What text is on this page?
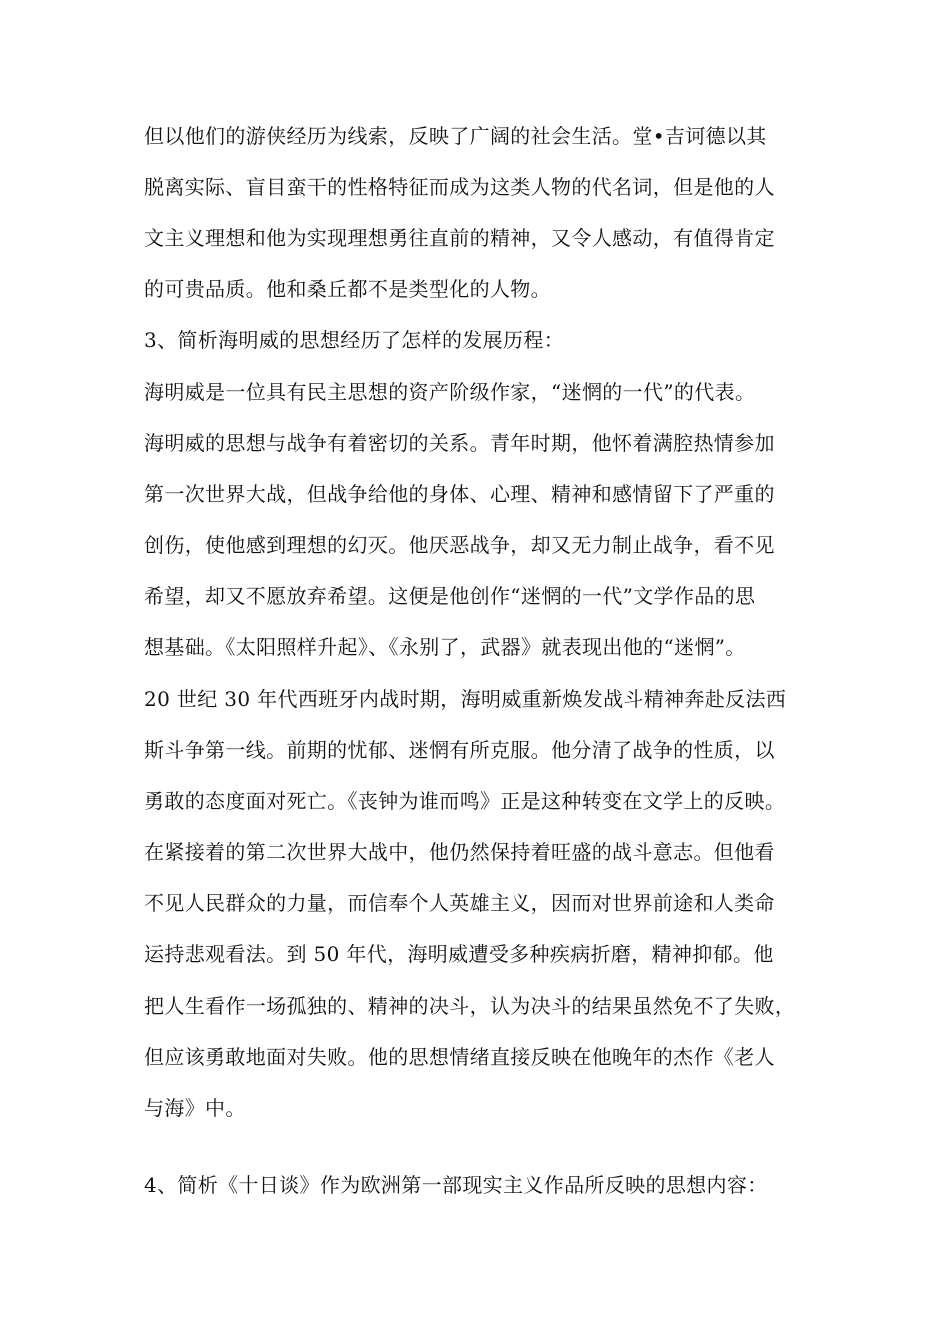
但以他们的游侠经历为线索，反映了广阔的社会生活。堂•吉诃德以其
脱离实际、盲目蛮干的性格特征而成为这类人物的代名词，但是他的人
文主义理想和他为实现理想勇往直前的精神，又令人感动，有值得肯定
的可贵品质。他和桑丘都不是类型化的人物。
3、简析海明威的思想经历了怎样的发展历程：
海明威是一位具有民主思想的资产阶级作家，“迷惘的一代”的代表。
海明威的思想与战争有着密切的关系。青年时期，他怀着满腔热情参加
第一次世界大战，但战争给他的身体、心理、精神和感情留下了严重的
创伤，使他感到理想的幻灭。他厌恶战争，却又无力制止战争，看不见
希望，却又不愿放弃希望。这便是他创作“迷惘的一代”文学作品的思
想基础。《太阳照样升起》、《永别了，武器》就表现出他的“迷惘”。
20 世纪 30 年代西班牙内战时期，海明威重新焕发战斗精神奔赴反法西
斯斗争第一线。前期的忧郁、迷惘有所克服。他分清了战争的性质，以
勇敢的态度面对死亡。《丧钟为谁而鸣》正是这种转变在文学上的反映。
在紧接着的第二次世界大战中，他仍然保持着旺盛的战斗意志。但他看
不见人民群众的力量，而信奉个人英雄主义，因而对世界前途和人类命
运持悲观看法。到 50 年代，海明威遭受多种疾病折磨，精神抑郁。他
把人生看作一场孤独的、精神的决斗，认为决斗的结果虽然免不了失败，
但应该勇敢地面对失败。他的思想情绪直接反映在他晚年的杰作《老人
与海》中。
4、简析《十日谈》作为欧洲第一部现实主义作品所反映的思想内容：
